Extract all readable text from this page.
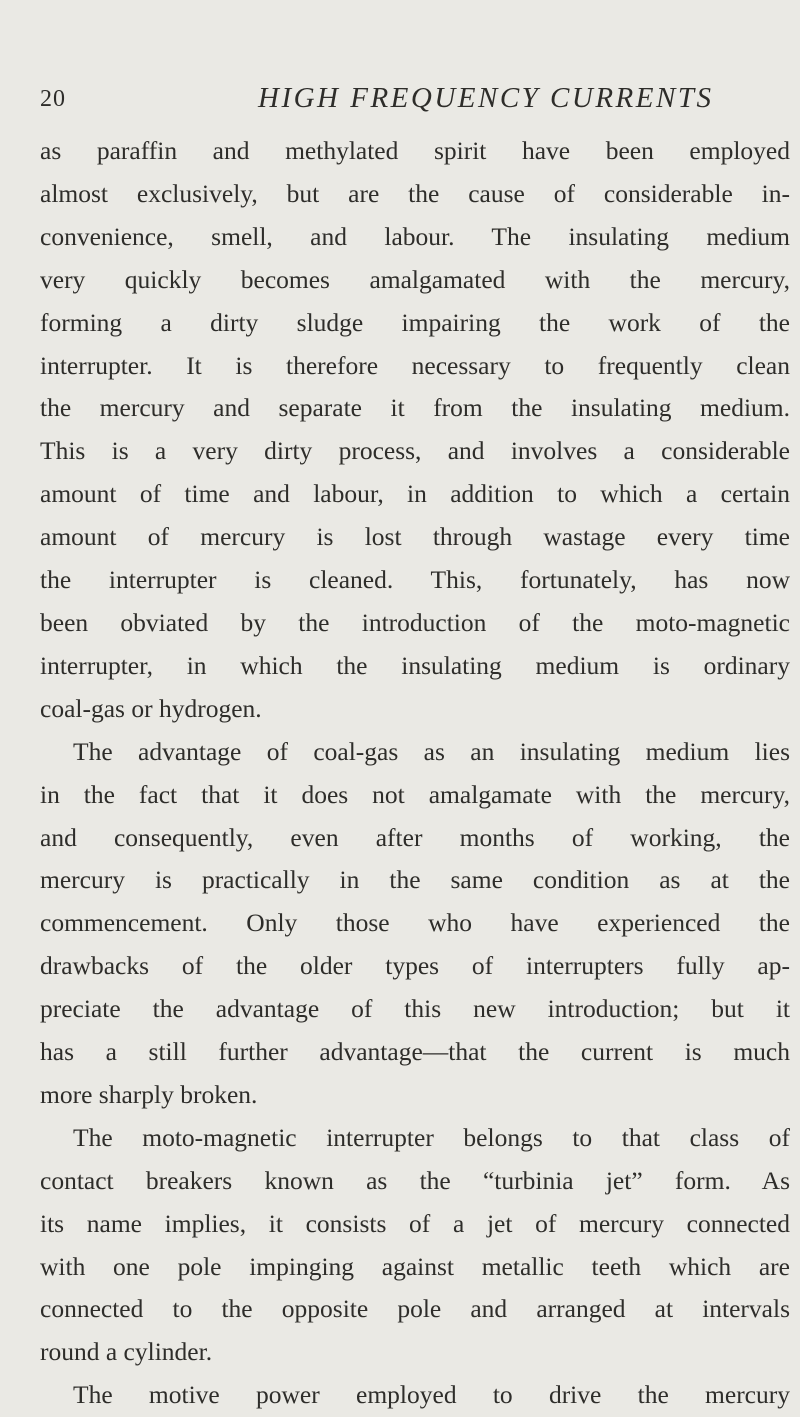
20	HIGH FREQUENCY CURRENTS

as paraffin and methylated spirit have been employed
almost exclusively, but are the cause of considerable in-
convenience, smell, and labour. The insulating medium
very quickly becomes amalgamated with the mercury,
forming a dirty sludge impairing the work of the
interrupter. It is therefore necessary to frequently clean
the mercury and separate it from the insulating medium.
This is a very dirty process, and involves a considerable
amount of time and labour, in addition to which a certain
amount of mercury is lost through wastage every time
the interrupter is cleaned. This, fortunately, has now
been obviated by the introduction of the moto-magnetic
interrupter, in which the insulating medium is ordinary
coal-gas or hydrogen.

The advantage of coal-gas as an insulating medium lies
in the fact that it does not amalgamate with the mercury,
and consequently, even after months of working, the
mercury is practically in the same condition as at the
commencement. Only those who have experienced the
drawbacks of the older types of interrupters fully ap-
preciate the advantage of this new introduction; but it
has a still further advantage—that the current is much
more sharply broken.

The moto-magnetic interrupter belongs to that class of
contact breakers known as the “turbinia jet” form. As
its name implies, it consists of a jet of mercury connected
with one pole impinging against metallic teeth which are
connected to the opposite pole and arranged at intervals
round a cylinder.

The motive power employed to drive the mercury
